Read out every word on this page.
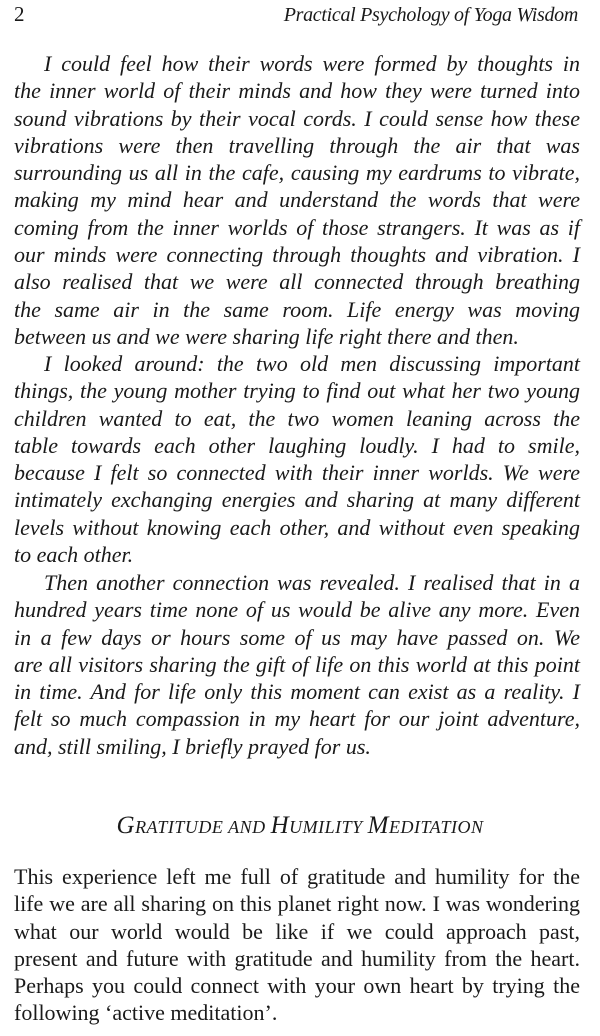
2	Practical Psychology of Yoga Wisdom
I could feel how their words were formed by thoughts in
the inner world of their minds and how they were turned into
sound vibrations by their vocal cords. I could sense how these
vibrations were then travelling through the air that was
surrounding us all in the cafe, causing my eardrums to vibrate,
making my mind hear and understand the words that were
coming from the inner worlds of those strangers. It was as if
our minds were connecting through thoughts and vibration. I
also realised that we were all connected through breathing
the same air in the same room. Life energy was moving
between us and we were sharing life right there and then.
I looked around: the two old men discussing important
things, the young mother trying to find out what her two young
children wanted to eat, the two women leaning across the
table towards each other laughing loudly. I had to smile,
because I felt so connected with their inner worlds. We were
intimately exchanging energies and sharing at many different
levels without knowing each other, and without even speaking
to each other.
Then another connection was revealed. I realised that in a
hundred years time none of us would be alive any more. Even
in a few days or hours some of us may have passed on. We
are all visitors sharing the gift of life on this world at this point
in time. And for life only this moment can exist as a reality. I
felt so much compassion in my heart for our joint adventure,
and, still smiling, I briefly prayed for us.
GRATITUDE AND HUMILITY MEDITATION
This experience left me full of gratitude and humility for the
life we are all sharing on this planet right now. I was wondering
what our world would be like if we could approach past,
present and future with gratitude and humility from the heart.
Perhaps you could connect with your own heart by trying the
following ‘active meditation’.
